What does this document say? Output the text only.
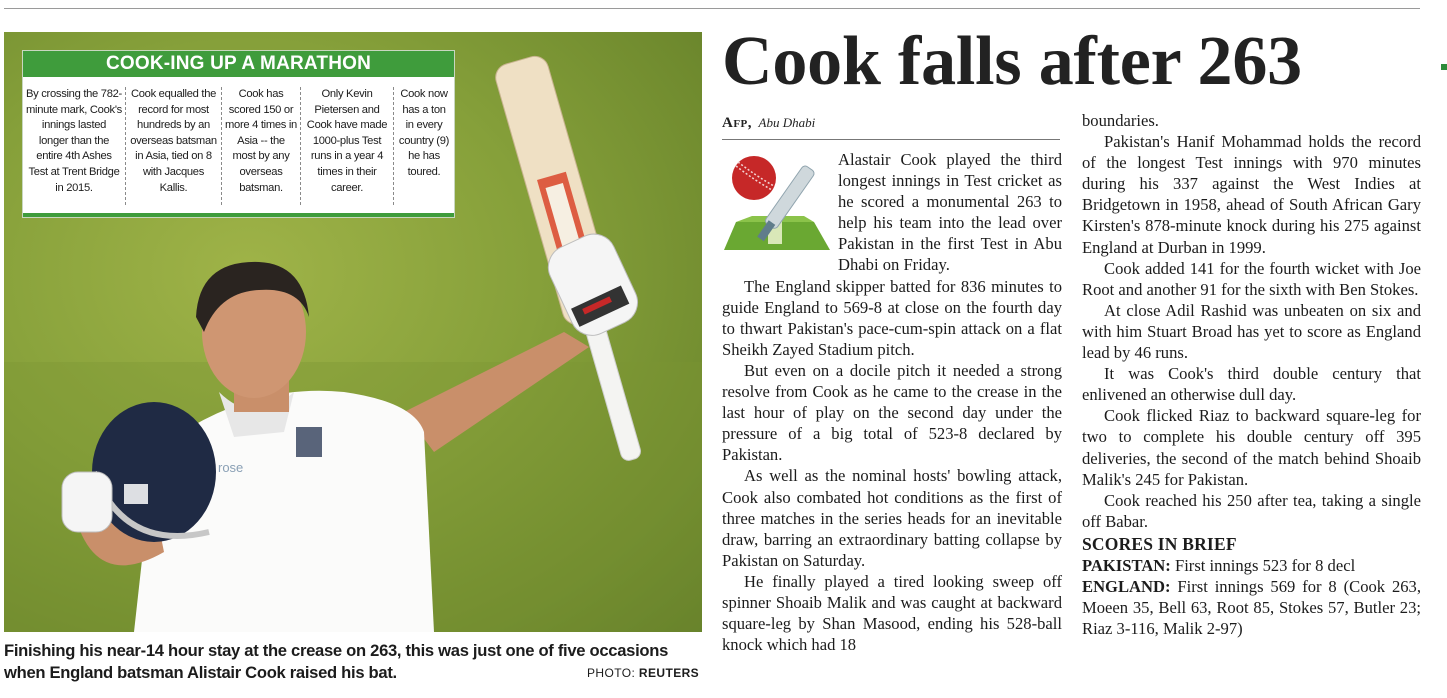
rose
COOK-ING UP A MARATHON
By crossing the 782-minute mark, Cook's innings lasted longer than the entire 4th Ashes Test at Trent Bridge in 2015.
Cook equalled the record for most hundreds by an overseas batsman in Asia, tied on 8 with Jacques Kallis.
Cook has scored 150 or more 4 times in Asia -- the most by any overseas batsman.
Only Kevin Pietersen and Cook have made 1000-plus Test runs in a year 4 times in their career.
Cook now has a ton in every country (9) he has toured.
Finishing his near-14 hour stay at the crease on 263, this was just one of five occasions when England batsman Alistair Cook raised his bat.	PHOTO: REUTERS
Cook falls after 263
Afp, Abu Dhabi

Alastair Cook played the third longest innings in Test cricket as he scored a monumental 263 to help his team into the lead over Pakistan in the first Test in Abu Dhabi on Friday.

The England skipper batted for 836 minutes to guide England to 569-8 at close on the fourth day to thwart Pakistan's pace-cum-spin attack on a flat Sheikh Zayed Stadium pitch.

But even on a docile pitch it needed a strong resolve from Cook as he came to the crease in the last hour of play on the second day under the pressure of a big total of 523-8 declared by Pakistan.

As well as the nominal hosts' bowling attack, Cook also combated hot conditions as the first of three matches in the series heads for an inevitable draw, barring an extraordinary batting collapse by Pakistan on Saturday.

He finally played a tired looking sweep off spinner Shoaib Malik and was caught at backward square-leg by Shan Masood, ending his 528-ball knock which had 18

boundaries.

Pakistan's Hanif Mohammad holds the record of the longest Test innings with 970 minutes during his 337 against the West Indies at Bridgetown in 1958, ahead of South African Gary Kirsten's 878-minute knock during his 275 against England at Durban in 1999.

Cook added 141 for the fourth wicket with Joe Root and another 91 for the sixth with Ben Stokes.

At close Adil Rashid was unbeaten on six and with him Stuart Broad has yet to score as England lead by 46 runs.

It was Cook's third double century that enlivened an otherwise dull day.

Cook flicked Riaz to backward square-leg for two to complete his double century off 395 deliveries, the second of the match behind Shoaib Malik's 245 for Pakistan.

Cook reached his 250 after tea, taking a single off Babar.

SCORES IN BRIEF
PAKISTAN: First innings 523 for 8 decl
ENGLAND: First innings 569 for 8 (Cook 263, Moeen 35, Bell 63, Root 85, Stokes 57, Butler 23; Riaz 3-116, Malik 2-97)
